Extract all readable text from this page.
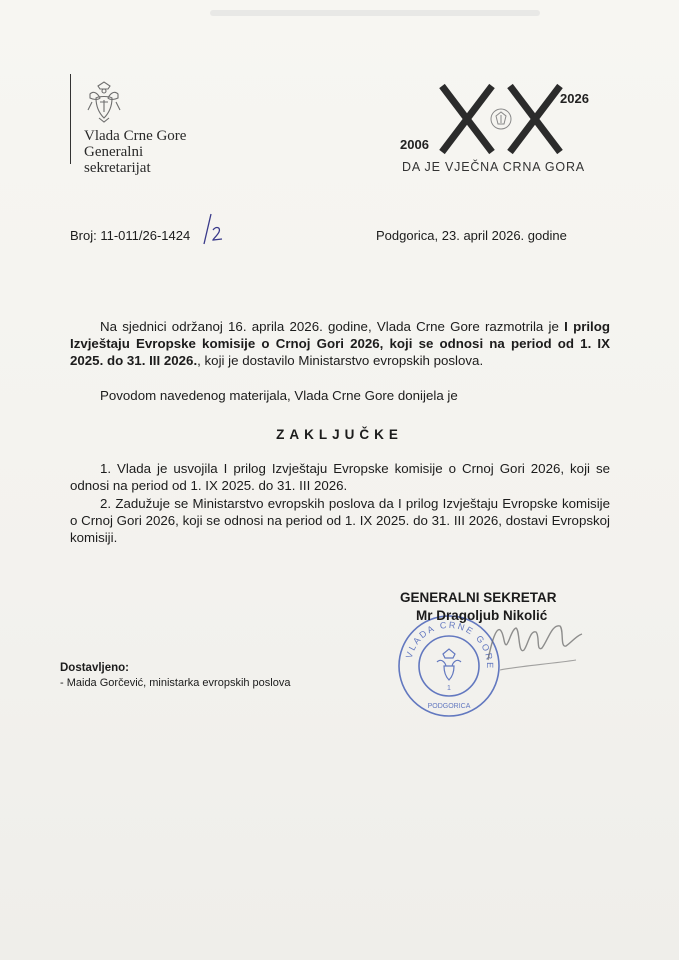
Vlada Crne Gore
Generalni
sekretarijat
2006
2026
DA JE VJEČNA CRNA GORA
Broj: 11-011/26-1424	Podgorica, 23. april 2026. godine
Na sjednici održanoj 16. aprila 2026. godine, Vlada Crne Gore razmotrila je I prilog Izvještaju Evropske komisije o Crnoj Gori 2026, koji se odnosi na period od 1. IX 2025. do 31. III 2026., koji je dostavilo Ministarstvo evropskih poslova.
Povodom navedenog materijala, Vlada Crne Gore donijela je
ZAKLJUČKE
1. Vlada je usvojila I prilog Izvještaju Evropske komisije o Crnoj Gori 2026, koji se odnosi na period od 1. IX 2025. do 31. III 2026.
2. Zadužuje se Ministarstvo evropskih poslova da I prilog Izvještaju Evropske komisije o Crnoj Gori 2026, koji se odnosi na period od 1. IX 2025. do 31. III 2026, dostavi Evropskoj komisiji.
VLADA CRNE GORE
1
PODGORICA
GENERALNI SEKRETAR
Mr Dragoljub Nikolić
Dostavljeno:
- Maida Gorčević, ministarka evropskih poslova
